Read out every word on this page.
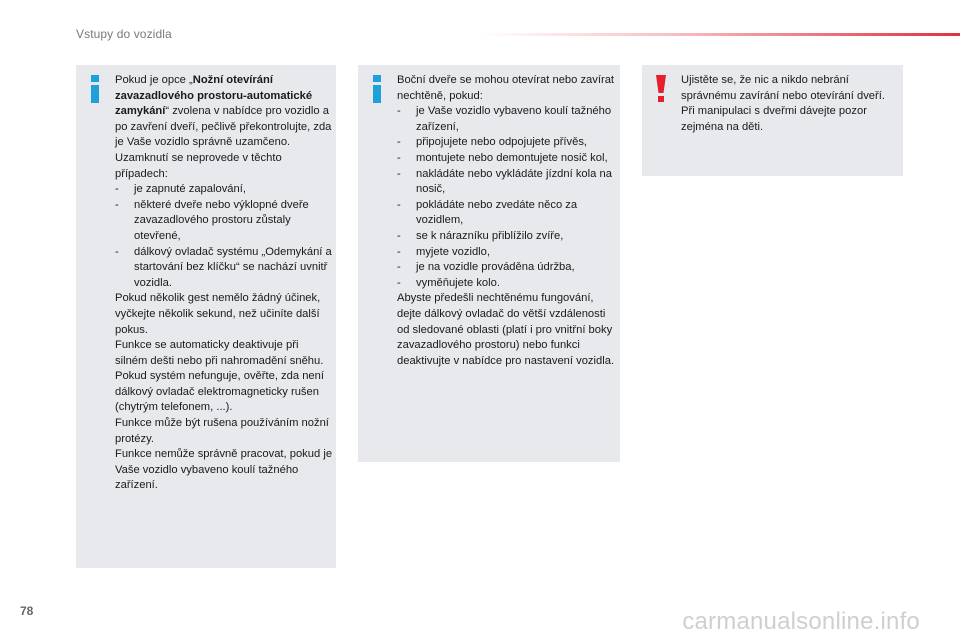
Vstupy do vozidla

Pokud je opce „Nožní otevírání zavazadlového prostoru-automatické zamykání“ zvolena v nabídce pro vozidlo a po zavření dveří, pečlivě překontrolujte, zda je Vaše vozidlo správně uzamčeno.

Uzamknutí se neprovede v těchto případech:

- je zapnuté zapalování,
- některé dveře nebo výklopné dveře zavazadlového prostoru zůstaly otevřené,
- dálkový ovladač systému „Odemykání a startování bez klíčku“ se nachází uvnitř vozidla.

Pokud několik gest nemělo žádný účinek, vyčkejte několik sekund, než učiníte další pokus.

Funkce se automaticky deaktivuje při silném dešti nebo při nahromadění sněhu.

Pokud systém nefunguje, ověřte, zda není dálkový ovladač elektromagneticky rušen (chytrým telefonem, ...).

Funkce může být rušena používáním nožní protézy.

Funkce nemůže správně pracovat, pokud je Vaše vozidlo vybaveno koulí tažného zařízení.

Boční dveře se mohou otevírat nebo zavírat nechtěně, pokud:

- je Vaše vozidlo vybaveno koulí tažného zařízení,
- připojujete nebo odpojujete přívěs,
- montujete nebo demontujete nosič kol,
- nakládáte nebo vykládáte jízdní kola na nosič,
- pokládáte nebo zvedáte něco za vozidlem,
- se k nárazníku přiblížilo zvíře,
- myjete vozidlo,
- je na vozidle prováděna údržba,
- vyměňujete kolo.

Abyste předešli nechtěnému fungování, dejte dálkový ovladač do větší vzdálenosti od sledované oblasti (platí i pro vnitřní boky zavazadlového prostoru) nebo funkci deaktivujte v nabídce pro nastavení vozidla.

Ujistěte se, že nic a nikdo nebrání správnému zavírání nebo otevírání dveří.

Při manipulaci s dveřmi dávejte pozor zejména na děti.

78	carmanualsonline.info
